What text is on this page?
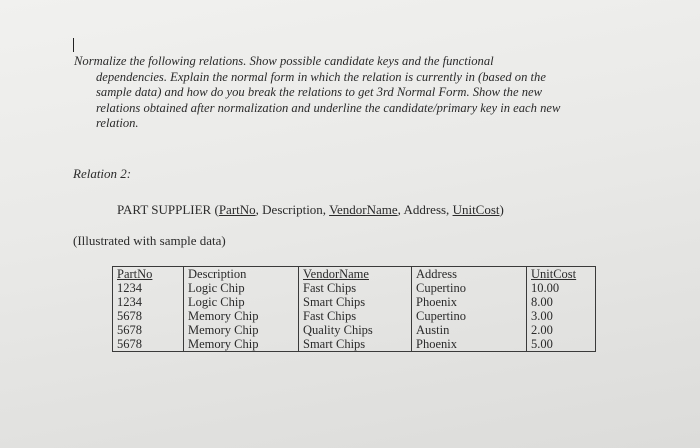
Normalize the following relations. Show possible candidate keys and the functional
dependencies. Explain the normal form in which the relation is currently in (based on the
sample data) and how do you break the relations to get 3rd Normal Form. Show the new
relations obtained after normalization and underline the candidate/primary key in each new
relation.
Relation 2:
PART SUPPLIER (PartNo, Description, VendorName, Address, UnitCost)
(Illustrated with sample data)
PartNo	Description	VendorName	Address	UnitCost
1234	Logic Chip	Fast Chips	Cupertino	10.00
1234	Logic Chip	Smart Chips	Phoenix	8.00
5678	Memory Chip	Fast Chips	Cupertino	3.00
5678	Memory Chip	Quality Chips	Austin	2.00
5678	Memory Chip	Smart Chips	Phoenix	5.00
